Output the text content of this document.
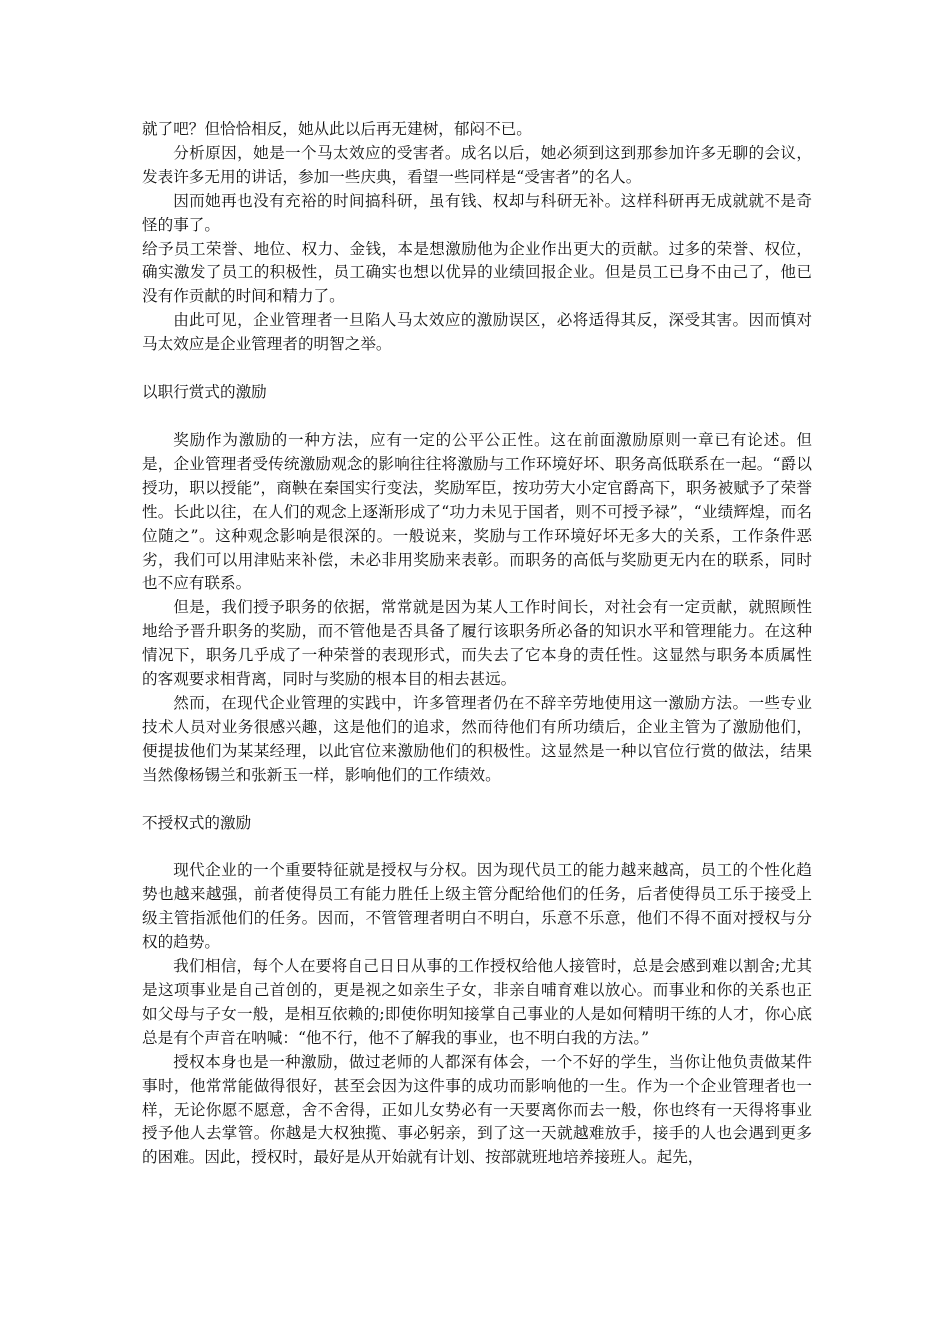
就了吧？但恰恰相反，她从此以后再无建树，郁闷不已。

分析原因，她是一个马太效应的受害者。成名以后，她必须到这到那参加许多无聊的会议，发表许多无用的讲话，参加一些庆典，看望一些同样是“受害者”的名人。

因而她再也没有充裕的时间搞科研，虽有钱、权却与科研无补。这样科研再无成就就不是奇怪的事了。

给予员工荣誉、地位、权力、金钱，本是想激励他为企业作出更大的贡献。过多的荣誉、权位，确实激发了员工的积极性，员工确实也想以优异的业绩回报企业。但是员工已身不由己了，他已没有作贡献的时间和精力了。

由此可见，企业管理者一旦陷人马太效应的激励误区，必将适得其反，深受其害。因而慎对马太效应是企业管理者的明智之举。

以职行赏式的激励

奖励作为激励的一种方法，应有一定的公平公正性。这在前面激励原则一章已有论述。但是，企业管理者受传统激励观念的影响往往将激励与工作环境好坏、职务高低联系在一起。“爵以授功，职以授能”，商鞅在秦国实行变法，奖励军臣，按功劳大小定官爵高下，职务被赋予了荣誉性。长此以往，在人们的观念上逐渐形成了“功力未见于国者，则不可授予禄”，“业绩辉煌，而名位随之”。这种观念影响是很深的。一般说来，奖励与工作环境好坏无多大的关系，工作条件恶劣，我们可以用津贴来补偿，未必非用奖励来表彰。而职务的高低与奖励更无内在的联系，同时也不应有联系。

但是，我们授予职务的依据，常常就是因为某人工作时间长，对社会有一定贡献，就照顾性地给予晋升职务的奖励，而不管他是否具备了履行该职务所必备的知识水平和管理能力。在这种情况下，职务几乎成了一种荣誉的表现形式，而失去了它本身的责任性。这显然与职务本质属性的客观要求相背离，同时与奖励的根本目的相去甚远。

然而，在现代企业管理的实践中，许多管理者仍在不辞辛劳地使用这一激励方法。一些专业技术人员对业务很感兴趣，这是他们的追求，然而待他们有所功绩后，企业主管为了激励他们，便提拔他们为某某经理，以此官位来激励他们的积极性。这显然是一种以官位行赏的做法，结果当然像杨锡兰和张新玉一样，影响他们的工作绩效。

不授权式的激励

现代企业的一个重要特征就是授权与分权。因为现代员工的能力越来越高，员工的个性化趋势也越来越强，前者使得员工有能力胜任上级主管分配给他们的任务，后者使得员工乐于接受上级主管指派他们的任务。因而，不管管理者明白不明白，乐意不乐意，他们不得不面对授权与分权的趋势。

我们相信，每个人在要将自己日日从事的工作授权给他人接管时，总是会感到难以割舍;尤其是这项事业是自己首创的，更是视之如亲生子女，非亲自哺育难以放心。而事业和你的关系也正如父母与子女一般，是相互依赖的;即使你明知接掌自己事业的人是如何精明干练的人才，你心底总是有个声音在呐喊：“他不行，他不了解我的事业，也不明白我的方法。”

授权本身也是一种激励，做过老师的人都深有体会，一个不好的学生，当你让他负责做某件事时，他常常能做得很好，甚至会因为这件事的成功而影响他的一生。作为一个企业管理者也一样，无论你愿不愿意，舍不舍得，正如儿女势必有一天要离你而去一般，你也终有一天得将事业授予他人去掌管。你越是大权独揽、事必躬亲，到了这一天就越难放手，接手的人也会遇到更多的困难。因此，授权时，最好是从开始就有计划、按部就班地培养接班人。起先，
